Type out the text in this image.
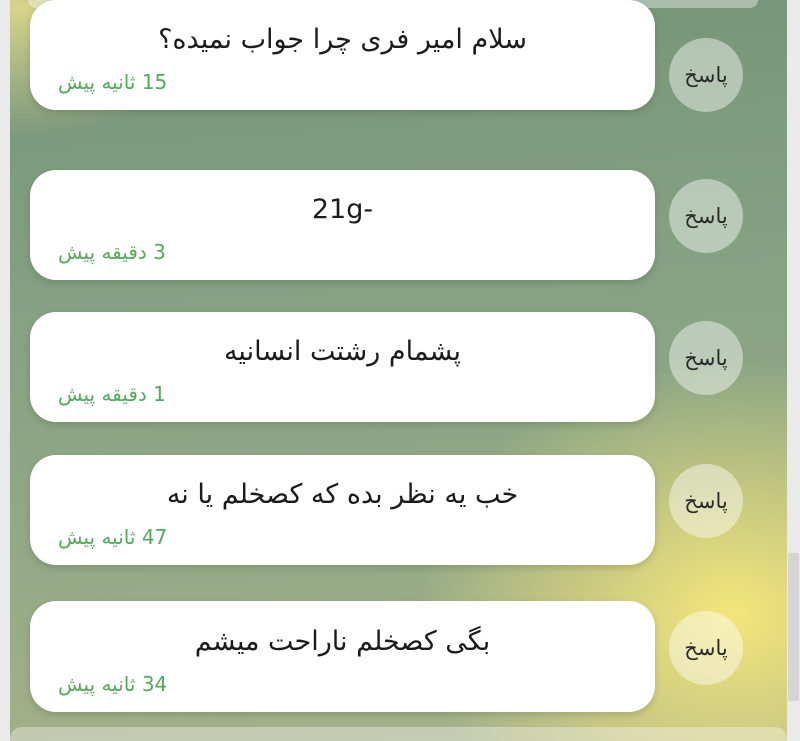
21g-
3 دقیقه پیش
پشمام رشتت انسانیه
1 دقیقه پیش
خب یه نظر بده که کصخلم یا نه
47 ثانیه پیش
بگی کصخلم ناراحت میشم
34 ثانیه پیش
سلام امیر فری چرا جواب نمیده؟
15 ثانیه پیش	پاسخ
پاسخ
پاسخ
پاسخ
پاسخ
